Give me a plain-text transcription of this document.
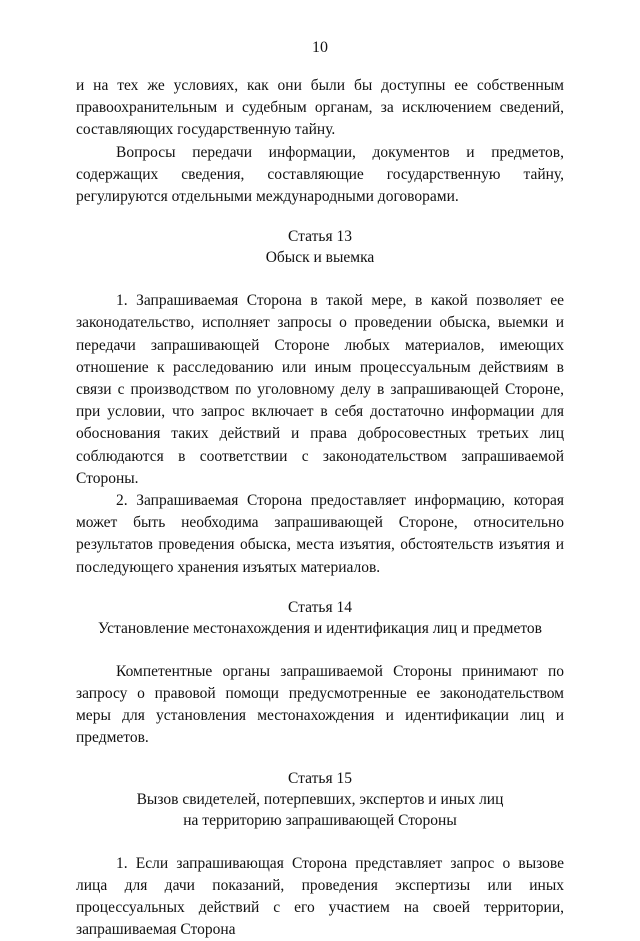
10

и на тех же условиях, как они были бы доступны ее собственным правоохранительным и судебным органам, за исключением сведений, составляющих государственную тайну.

Вопросы передачи информации, документов и предметов, содержащих сведения, составляющие государственную тайну, регулируются отдельными международными договорами.

Статья 13
Обыск и выемка

1. Запрашиваемая Сторона в такой мере, в какой позволяет ее законодательство, исполняет запросы о проведении обыска, выемки и передачи запрашивающей Стороне любых материалов, имеющих отношение к расследованию или иным процессуальным действиям в связи с производством по уголовному делу в запрашивающей Стороне, при условии, что запрос включает в себя достаточно информации для обоснования таких действий и права добросовестных третьих лиц соблюдаются в соответствии с законодательством запрашиваемой Стороны.

2. Запрашиваемая Сторона предоставляет информацию, которая может быть необходима запрашивающей Стороне, относительно результатов проведения обыска, места изъятия, обстоятельств изъятия и последующего хранения изъятых материалов.

Статья 14
Установление местонахождения и идентификация лиц и предметов

Компетентные органы запрашиваемой Стороны принимают по запросу о правовой помощи предусмотренные ее законодательством меры для установления местонахождения и идентификации лиц и предметов.

Статья 15
Вызов свидетелей, потерпевших, экспертов и иных лиц
на территорию запрашивающей Стороны

1. Если запрашивающая Сторона представляет запрос о вызове лица для дачи показаний, проведения экспертизы или иных процессуальных действий с его участием на своей территории, запрашиваемая Сторона
